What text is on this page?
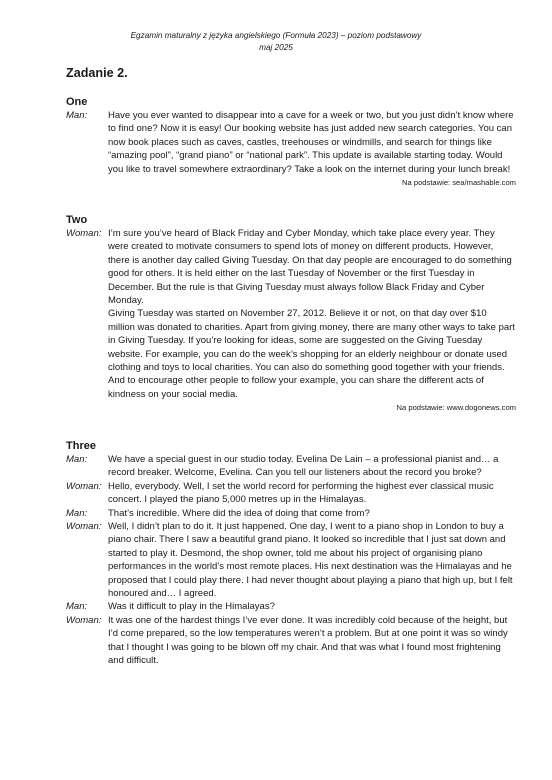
Egzamin maturalny z języka angielskiego (Formuła 2023) – poziom podstawowy
maj 2025
Zadanie 2.
One
Man:	Have you ever wanted to disappear into a cave for a week or two, but you just didn’t know where to find one? Now it is easy! Our booking website has just added new search categories. You can now book places such as caves, castles, treehouses or windmills, and search for things like “amazing pool”, “grand piano” or “national park”. This update is available starting today. Would you like to travel somewhere extraordinary? Take a look on the internet during your lunch break!
Na podstawie: sea/mashable.com
Two
Woman: I’m sure you’ve heard of Black Friday and Cyber Monday, which take place every year. They were created to motivate consumers to spend lots of money on different products. However, there is another day called Giving Tuesday. On that day people are encouraged to do something good for others. It is held either on the last Tuesday of November or the first Tuesday in December. But the rule is that Giving Tuesday must always follow Black Friday and Cyber Monday.

Giving Tuesday was started on November 27, 2012. Believe it or not, on that day over $10 million was donated to charities. Apart from giving money, there are many other ways to take part in Giving Tuesday. If you’re looking for ideas, some are suggested on the Giving Tuesday website. For example, you can do the week’s shopping for an elderly neighbour or donate used clothing and toys to local charities. You can also do something good together with your friends. And to encourage other people to follow your example, you can share the different acts of kindness on your social media.

Na podstawie: www.dogonews.com
Three
Man:	We have a special guest in our studio today. Evelina De Lain – a professional pianist and… a record breaker. Welcome, Evelina. Can you tell our listeners about the record you broke?
Woman: Hello, everybody. Well, I set the world record for performing the highest ever classical music concert. I played the piano 5,000 metres up in the Himalayas.
Man:	That’s incredible. Where did the idea of doing that come from?
Woman: Well, I didn’t plan to do it. It just happened. One day, I went to a piano shop in London to buy a piano chair. There I saw a beautiful grand piano. It looked so incredible that I just sat down and started to play it. Desmond, the shop owner, told me about his project of organising piano performances in the world’s most remote places. His next destination was the Himalayas and he proposed that I could play there. I had never thought about playing a piano that high up, but I felt honoured and… I agreed.
Man:	Was it difficult to play in the Himalayas?
Woman: It was one of the hardest things I’ve ever done. It was incredibly cold because of the height, but I’d come prepared, so the low temperatures weren’t a problem. But at one point it was so windy that I thought I was going to be blown off my chair. And that was what I found most frightening and difficult.
